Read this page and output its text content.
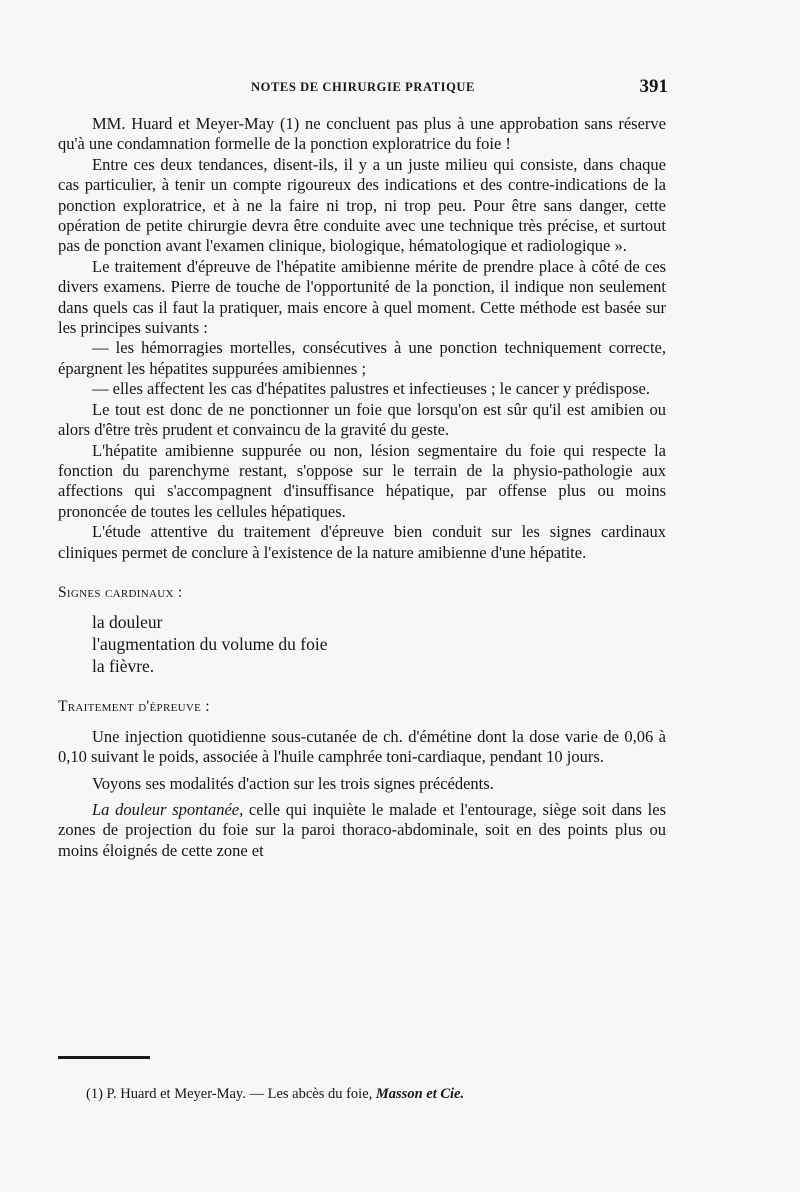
NOTES DE CHIRURGIE PRATIQUE	391

MM. Huard et Meyer-May (1) ne concluent pas plus à une approbation sans réserve qu'à une condamnation formelle de la ponction exploratrice du foie !

Entre ces deux tendances, disent-ils, il y a un juste milieu qui consiste, dans chaque cas particulier, à tenir un compte rigoureux des indications et des contre-indications de la ponction exploratrice, et à ne la faire ni trop, ni trop peu. Pour être sans danger, cette opération de petite chirurgie devra être conduite avec une technique très précise, et surtout pas de ponction avant l'examen clinique, biologique, hématologique et radiologique ».

Le traitement d'épreuve de l'hépatite amibienne mérite de prendre place à côté de ces divers examens. Pierre de touche de l'opportunité de la ponction, il indique non seulement dans quels cas il faut la pratiquer, mais encore à quel moment. Cette méthode est basée sur les principes suivants :

— les hémorragies mortelles, consécutives à une ponction techniquement correcte, épargnent les hépatites suppurées amibiennes ;

— elles affectent les cas d'hépatites palustres et infectieuses ; le cancer y prédispose.

Le tout est donc de ne ponctionner un foie que lorsqu'on est sûr qu'il est amibien ou alors d'être très prudent et convaincu de la gravité du geste.

L'hépatite amibienne suppurée ou non, lésion segmentaire du foie qui respecte la fonction du parenchyme restant, s'oppose sur le terrain de la physio-pathologie aux affections qui s'accompagnent d'insuffisance hépatique, par offense plus ou moins prononcée de toutes les cellules hépatiques.

L'étude attentive du traitement d'épreuve bien conduit sur les signes cardinaux cliniques permet de conclure à l'existence de la nature amibienne d'une hépatite.

Signes cardinaux :

la douleur
l'augmentation du volume du foie
la fièvre.

Traitement d'épreuve :

Une injection quotidienne sous-cutanée de ch. d'émétine dont la dose varie de 0,06 à 0,10 suivant le poids, associée à l'huile camphrée toni-cardiaque, pendant 10 jours.

Voyons ses modalités d'action sur les trois signes précédents.

La douleur spontanée, celle qui inquiète le malade et l'entourage, siège soit dans les zones de projection du foie sur la paroi thoraco-abdominale, soit en des points plus ou moins éloignés de cette zone et

(1) P. Huard et Meyer-May. — Les abcès du foie, Masson et Cie.
